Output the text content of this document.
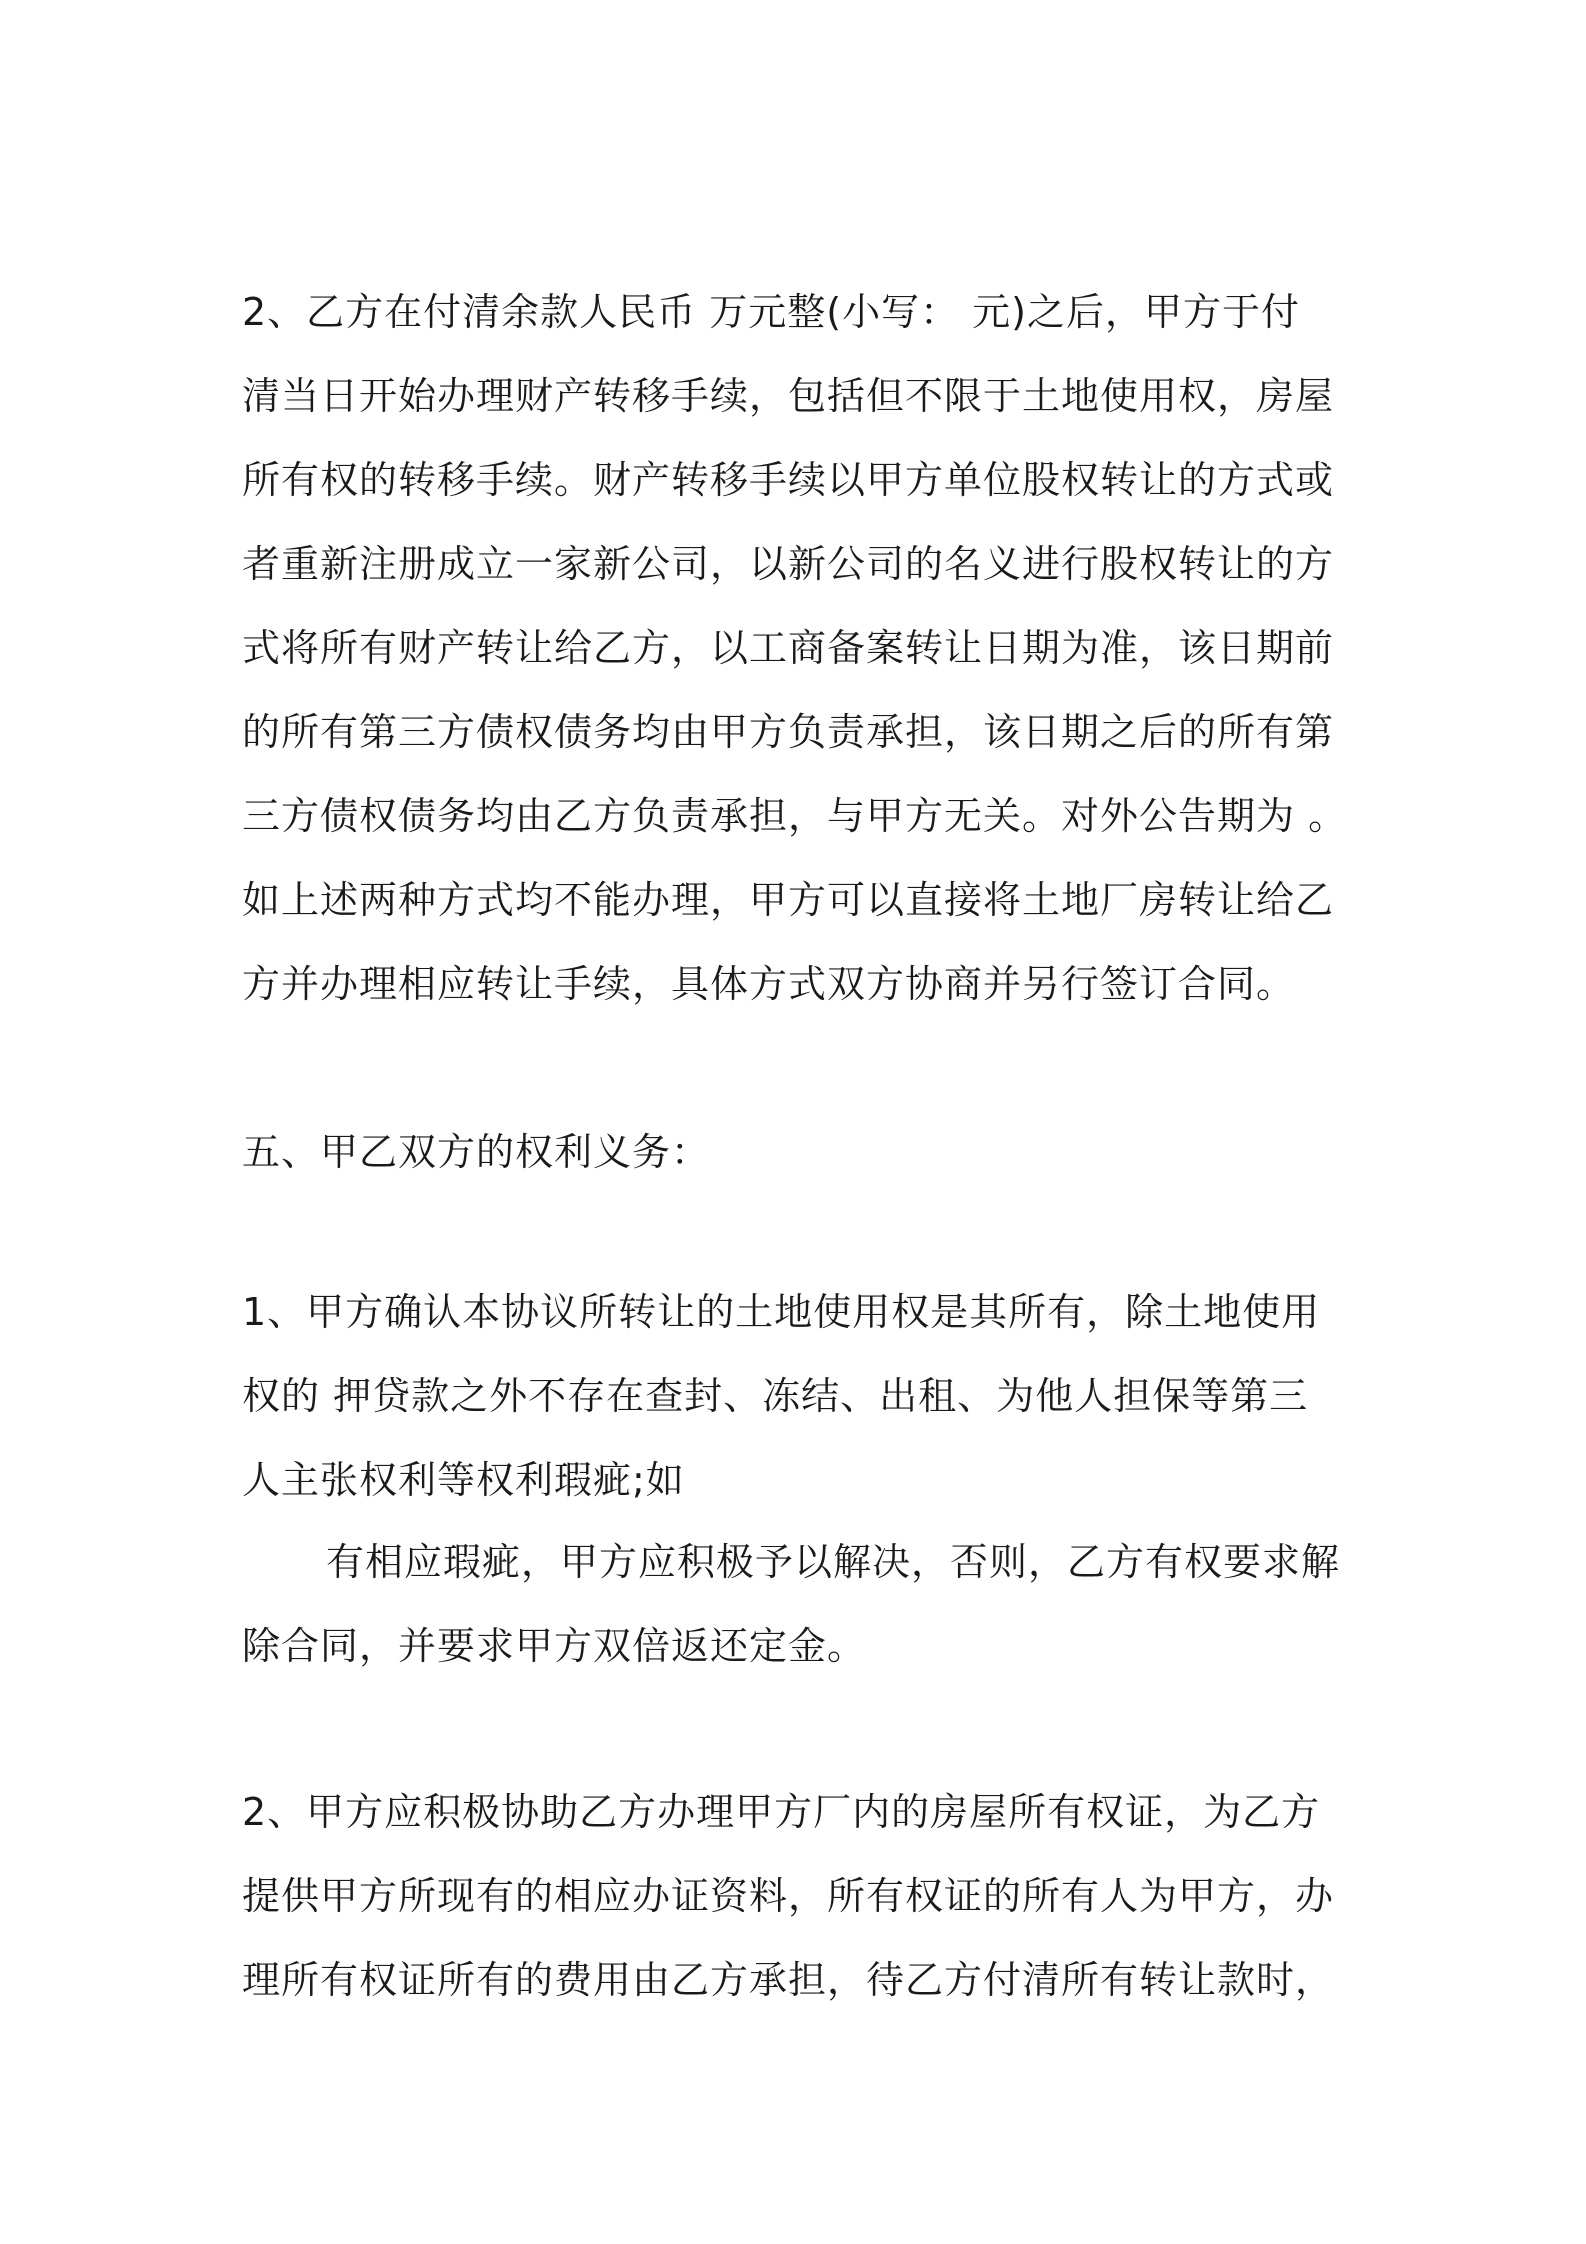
2、乙方在付清余款人民币 万元整(小写： 元)之后，甲方于付
清当日开始办理财产转移手续，包括但不限于土地使用权，房屋
所有权的转移手续。财产转移手续以甲方单位股权转让的方式或
者重新注册成立一家新公司，以新公司的名义进行股权转让的方
式将所有财产转让给乙方，以工商备案转让日期为准，该日期前
的所有第三方债权债务均由甲方负责承担，该日期之后的所有第
三方债权债务均由乙方负责承担，与甲方无关。对外公告期为 。
如上述两种方式均不能办理，甲方可以直接将土地厂房转让给乙
方并办理相应转让手续，具体方式双方协商并另行签订合同。
五、甲乙双方的权利义务：
1、甲方确认本协议所转让的土地使用权是其所有，除土地使用
权的 押贷款之外不存在查封、冻结、出租、为他人担保等第三
人主张权利等权利瑕疵;如
有相应瑕疵，甲方应积极予以解决，否则，乙方有权要求解
除合同，并要求甲方双倍返还定金。
2、甲方应积极协助乙方办理甲方厂内的房屋所有权证，为乙方
提供甲方所现有的相应办证资料，所有权证的所有人为甲方，办
理所有权证所有的费用由乙方承担，待乙方付清所有转让款时，
